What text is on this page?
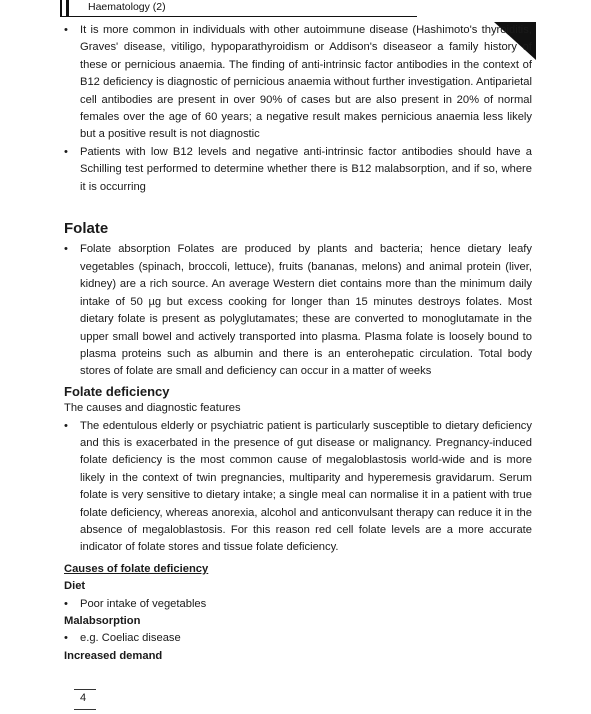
Haematology (2)
• It is more common in individuals with other autoimmune disease (Hashimoto's thyroiditis, Graves' disease, vitiligo, hypoparathyroidism or Addison's diseaseor a family history of these or pernicious anaemia. The finding of anti-intrinsic factor antibodies in the context of B12 deficiency is diagnostic of pernicious anaemia without further investigation. Antiparietal cell antibodies are present in over 90% of cases but are also present in 20% of normal females over the age of 60 years; a negative result makes pernicious anaemia less likely but a positive result is not diagnostic
• Patients with low B12 levels and negative anti-intrinsic factor antibodies should have a Schilling test performed to determine whether there is B12 malabsorption, and if so, where it is occurring
Folate
• Folate absorption Folates are produced by plants and bacteria; hence dietary leafy vegetables (spinach, broccoli, lettuce), fruits (bananas, melons) and animal protein (liver, kidney) are a rich source. An average Western diet contains more than the minimum daily intake of 50 µg but excess cooking for longer than 15 minutes destroys folates. Most dietary folate is present as polyglutamates; these are converted to monoglutamate in the upper small bowel and actively transported into plasma. Plasma folate is loosely bound to plasma proteins such as albumin and there is an enterohepatic circulation. Total body stores of folate are small and deficiency can occur in a matter of weeks
Folate deficiency

The causes and diagnostic features

• The edentulous elderly or psychiatric patient is particularly susceptible to dietary deficiency and this is exacerbated in the presence of gut disease or malignancy. Pregnancy-induced folate deficiency is the most common cause of megaloblastosis world-wide and is more likely in the context of twin pregnancies, multiparity and hyperemesis gravidarum. Serum folate is very sensitive to dietary intake; a single meal can normalise it in a patient with true folate deficiency, whereas anorexia, alcohol and anticonvulsant therapy can reduce it in the absence of megaloblastosis. For this reason red cell folate levels are a more accurate indicator of folate stores and tissue folate deficiency.

Causes of folate deficiency

Diet

• Poor intake of vegetables

Malabsorption

• e.g. Coeliac disease

Increased demand

4
